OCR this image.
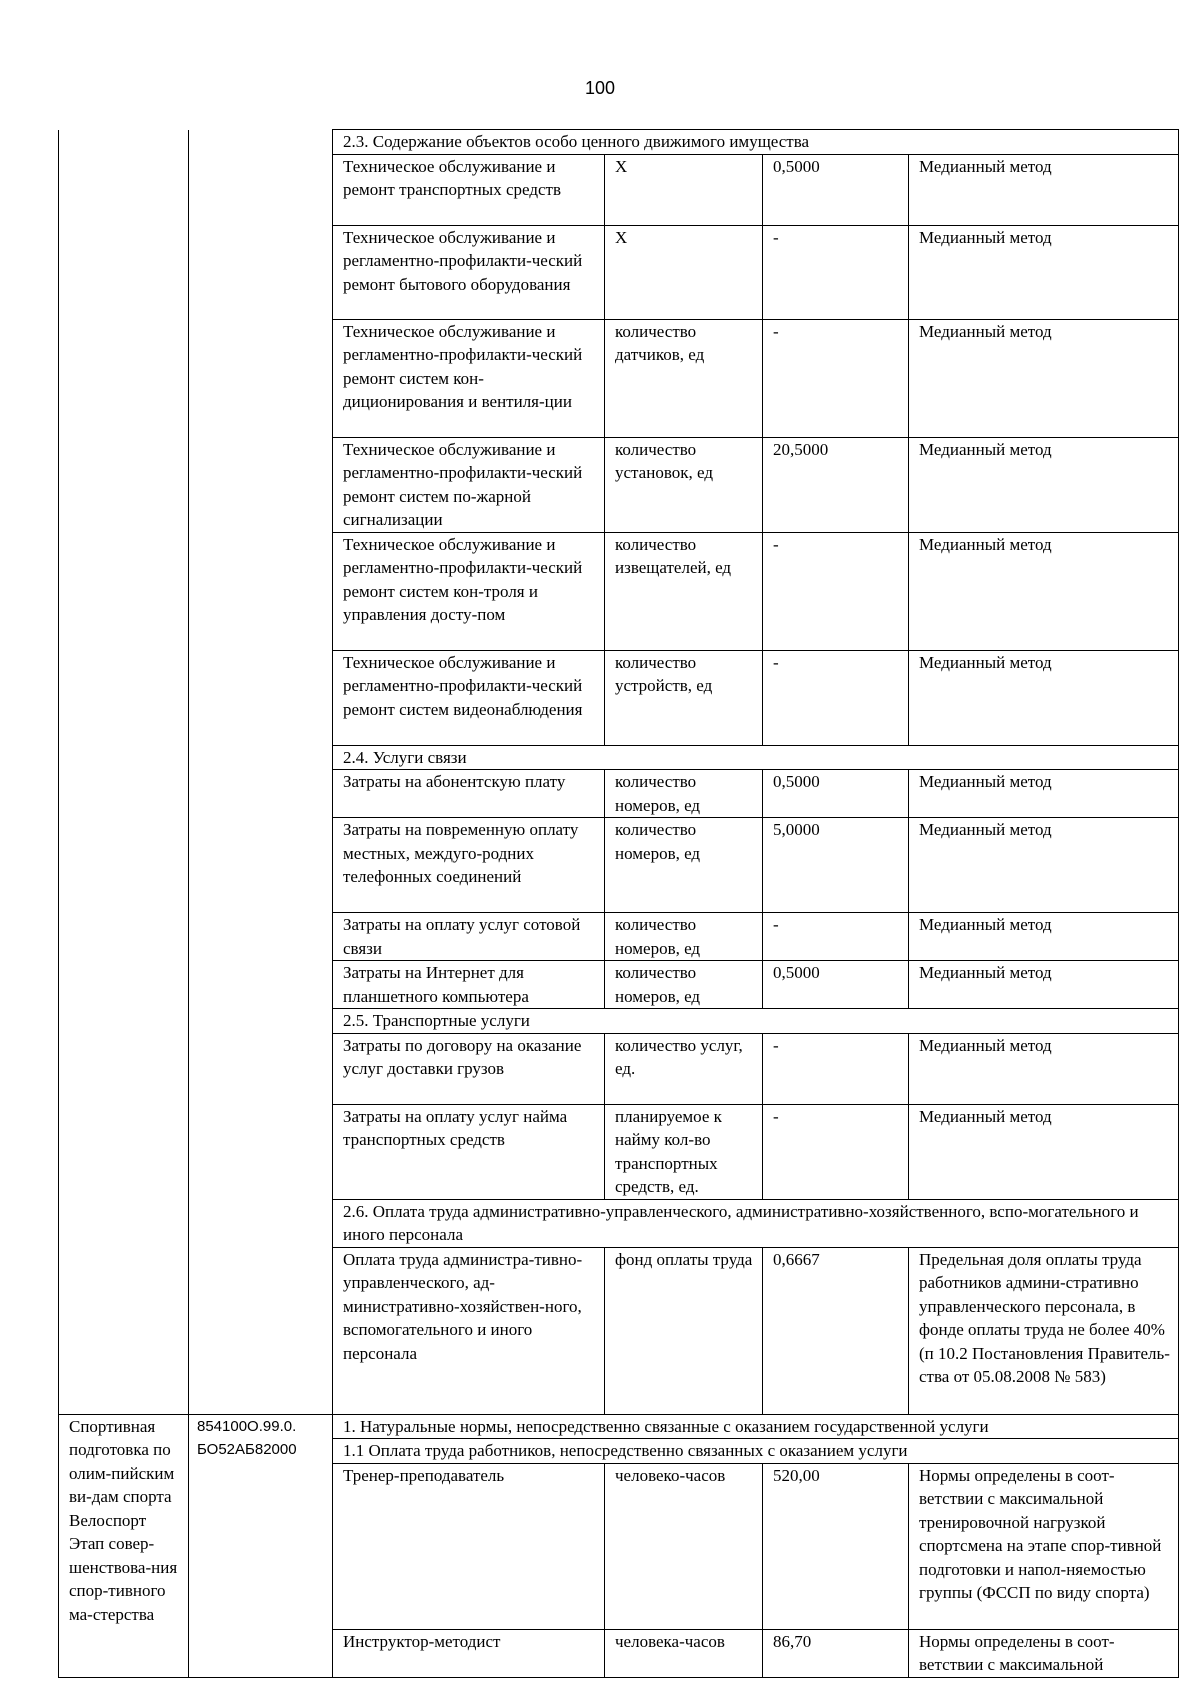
100
		2.3. Содержание объектов особо ценного движимого имущества			
		Техническое обслуживание и ремонт транспортных средств	Х	0,5000	Медианный метод
		Техническое обслуживание и регламентно-профилакти-ческий ремонт бытового оборудования	Х	-	Медианный метод
		Техническое обслуживание и регламентно-профилакти-ческий ремонт систем кон-диционирования и вентиля-ции	количество датчиков, ед	-	Медианный метод
		Техническое обслуживание и регламентно-профилакти-ческий ремонт систем по-жарной сигнализации	количество установок, ед	20,5000	Медианный метод
		Техническое обслуживание и регламентно-профилакти-ческий ремонт систем кон-троля и управления досту-пом	количество извещателей, ед	-	Медианный метод
		Техническое обслуживание и регламентно-профилакти-ческий ремонт систем видеонаблюдения	количество устройств, ед	-	Медианный метод
		2.4. Услуги связи			
		Затраты на абонентскую плату	количество номеров, ед	0,5000	Медианный метод
		Затраты на повременную оплату местных, междуго-родних телефонных соединений	количество номеров, ед	5,0000	Медианный метод
		Затраты на оплату услуг сотовой связи	количество номеров, ед	-	Медианный метод
		Затраты на Интернет для планшетного компьютера	количество номеров, ед	0,5000	Медианный метод
		2.5. Транспортные услуги			
		Затраты по договору на оказание услуг доставки грузов	количество услуг, ед.	-	Медианный метод
		Затраты на оплату услуг найма транспортных средств	планируемое к найму кол-во транспортных средств, ед.	-	Медианный метод
		2.6. Оплата труда административно-управленческого, административно-хозяйственного, вспо-могательного и иного персонала			
		Оплата труда администра-тивно-управленческого, ад-министративно-хозяйствен-ного, вспомогательного и иного персонала	фонд оплаты труда	0,6667	Предельная доля оплаты труда работников админи-стративно управленческого персонала, в фонде оплаты труда не более 40% (п 10.2 Постановления Правитель-ства от 05.08.2008 № 583)
Спортивная подготовка по олим-пийским ви-дам спорта Велоспорт Этап совер-шенствова-ния спор-тивного ма-стерства	854100О.99.0. БО52АБ82000	1. Натуральные нормы, непосредственно связанные с оказанием государственной услуги			
		1.1 Оплата труда работников, непосредственно связанных с оказанием услуги			
		Тренер-преподаватель	человеко-часов	520,00	Нормы определены в соот-ветствии с максимальной тренировочной нагрузкой спортсмена на этапе спор-тивной подготовки и напол-няемостью группы (ФССП по виду спорта)
		Инструктор-методист	человека-часов	86,70	Нормы определены в соот-ветствии с максимальной
